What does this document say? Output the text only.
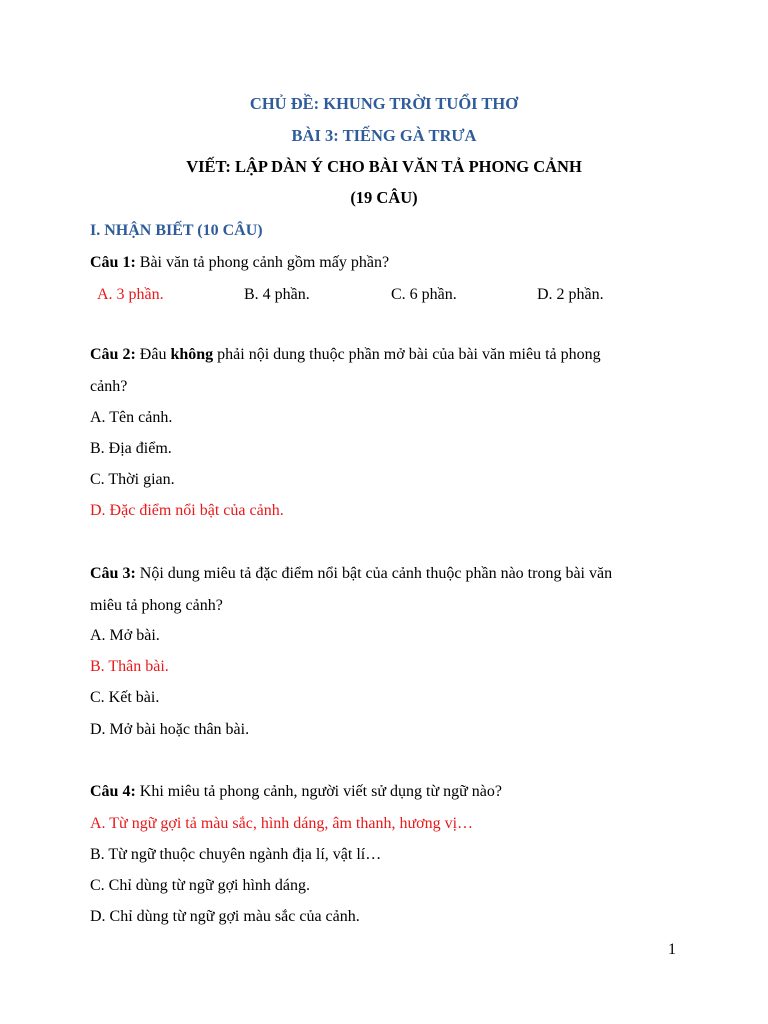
CHỦ ĐỀ: KHUNG TRỜI TUỔI THƠ
BÀI 3: TIẾNG GÀ TRƯA
VIẾT: LẬP DÀN Ý CHO BÀI VĂN TẢ PHONG CẢNH
(19 CÂU)
I. NHẬN BIẾT (10 CÂU)
Câu 1: Bài văn tả phong cảnh gồm mấy phần?
A. 3 phần.	B. 4 phần.	C. 6 phần.	D. 2 phần.
Câu 2: Đâu không phải nội dung thuộc phần mở bài của bài văn miêu tả phong
cảnh?
A. Tên cảnh.
B. Địa điểm.
C. Thời gian.
D. Đặc điểm nổi bật của cảnh.
Câu 3: Nội dung miêu tả đặc điểm nổi bật của cảnh thuộc phần nào trong bài văn
miêu tả phong cảnh?
A. Mở bài.
B. Thân bài.
C. Kết bài.
D. Mở bài hoặc thân bài.
Câu 4: Khi miêu tả phong cảnh, người viết sử dụng từ ngữ nào?
A. Từ ngữ gợi tả màu sắc, hình dáng, âm thanh, hương vị…
B. Từ ngữ thuộc chuyên ngành địa lí, vật lí…
C. Chỉ dùng từ ngữ gợi hình dáng.
D. Chỉ dùng từ ngữ gợi màu sắc của cảnh.
1
